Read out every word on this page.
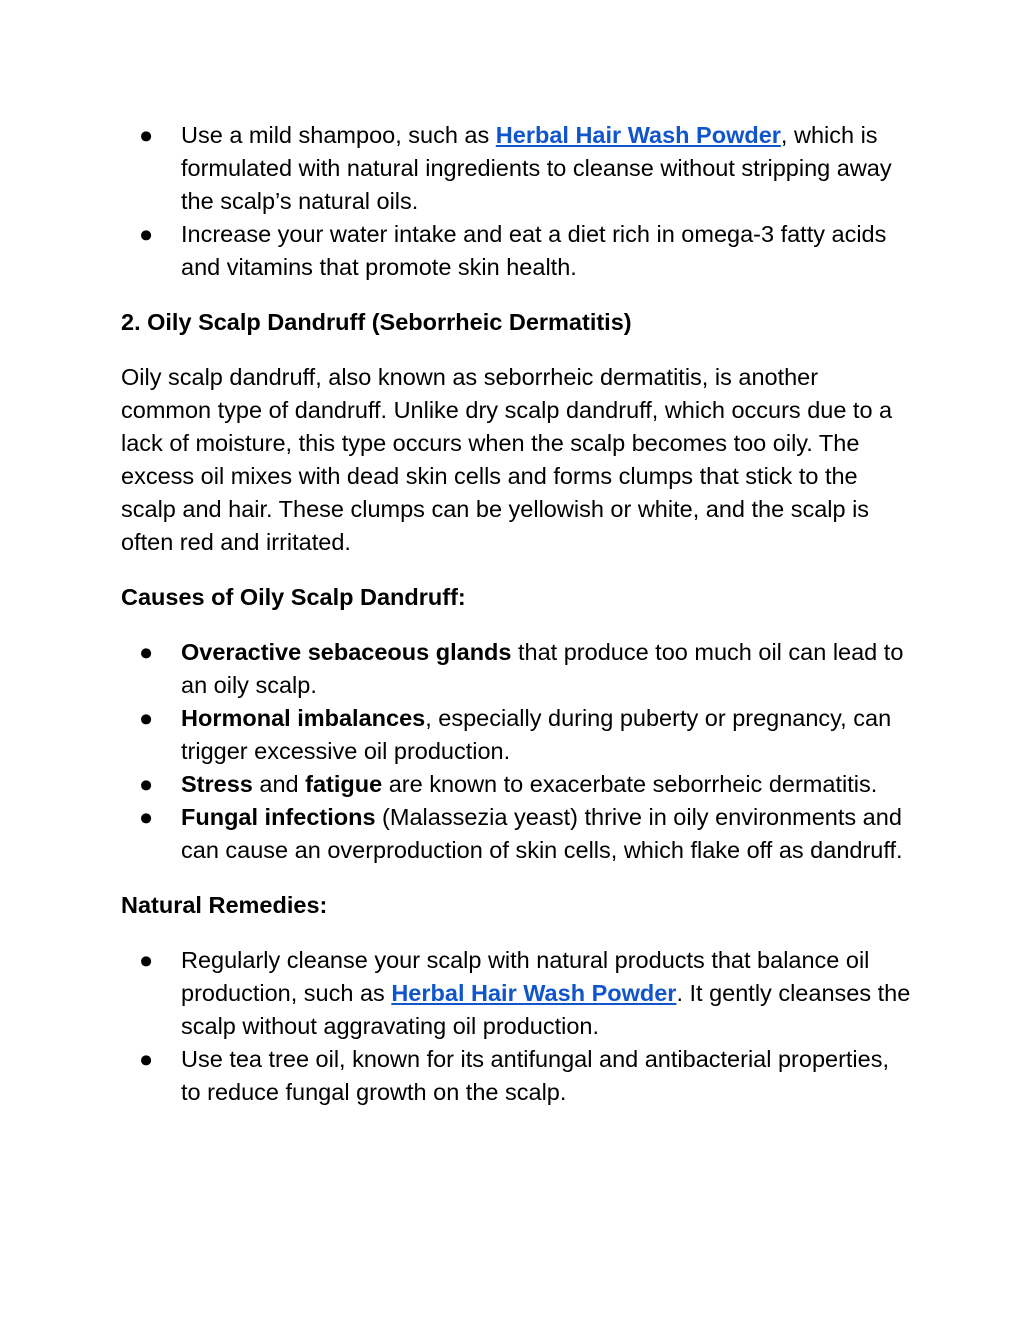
● Use a mild shampoo, such as Herbal Hair Wash Powder, which is formulated with natural ingredients to cleanse without stripping away the scalp’s natural oils.
● Increase your water intake and eat a diet rich in omega-3 fatty acids and vitamins that promote skin health.
2. Oily Scalp Dandruff (Seborrheic Dermatitis)

Oily scalp dandruff, also known as seborrheic dermatitis, is another common type of dandruff. Unlike dry scalp dandruff, which occurs due to a lack of moisture, this type occurs when the scalp becomes too oily. The excess oil mixes with dead skin cells and forms clumps that stick to the scalp and hair. These clumps can be yellowish or white, and the scalp is often red and irritated.

Causes of Oily Scalp Dandruff:
● Overactive sebaceous glands that produce too much oil can lead to an oily scalp.
● Hormonal imbalances, especially during puberty or pregnancy, can trigger excessive oil production.
● Stress and fatigue are known to exacerbate seborrheic dermatitis.
● Fungal infections (Malassezia yeast) thrive in oily environments and can cause an overproduction of skin cells, which flake off as dandruff.
Natural Remedies:
● Regularly cleanse your scalp with natural products that balance oil production, such as Herbal Hair Wash Powder. It gently cleanses the scalp without aggravating oil production.
● Use tea tree oil, known for its antifungal and antibacterial properties, to reduce fungal growth on the scalp.
